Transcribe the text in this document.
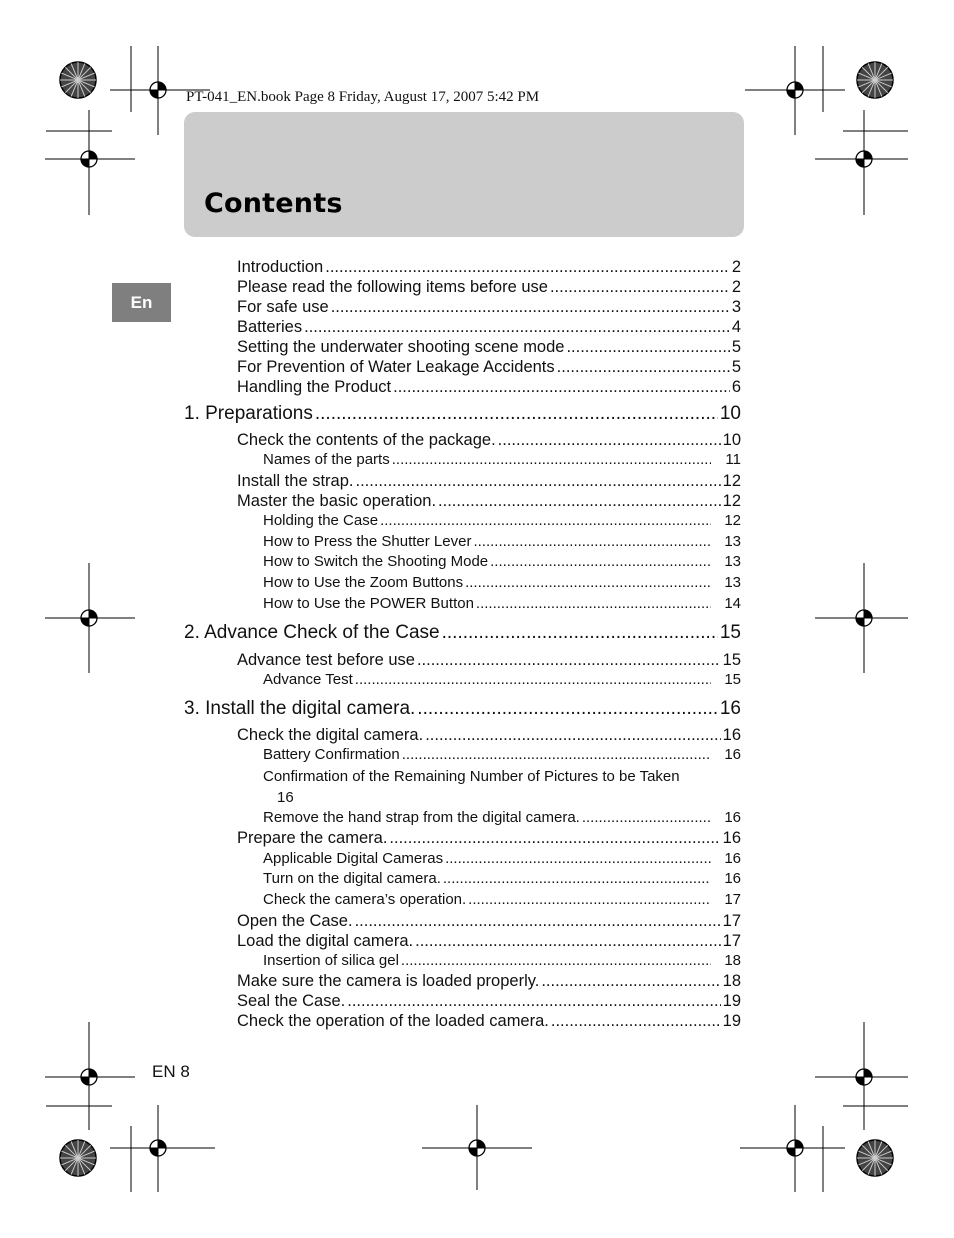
PT-041_EN.book Page 8 Friday, August 17, 2007 5:42 PM
Contents
En
Introduction .....	2
Please read the following items before use .....	2
For safe use .....	3
Batteries .....	4
Setting the underwater shooting scene mode .....	5
For Prevention of Water Leakage Accidents .....	5
Handling the Product .....	6
1. Preparations .....	10
Check the contents of the package. .....	10
Names of the parts .....	11
Install the strap. .....	12
Master the basic operation. .....	12
Holding the Case .....	12
How to Press the Shutter Lever .....	13
How to Switch the Shooting Mode .....	13
How to Use the Zoom Buttons .....	13
How to Use the POWER Button .....	14
2. Advance Check of the Case .....	15
Advance test before use .....	15
Advance Test .....	15
3. Install the digital camera. .....	16
Check the digital camera. .....	16
Battery Confirmation .....	16
Confirmation of the Remaining Number of Pictures to be Taken
16
Remove the hand strap from the digital camera. .....	16
Prepare the camera. .....	16
Applicable Digital Cameras .....	16
Turn on the digital camera. .....	16
Check the camera’s operation. .....	17
Open the Case. .....	17
Load the digital camera. .....	17
Insertion of silica gel .....	18
Make sure the camera is loaded properly. .....	18
Seal the Case. .....	19
Check the operation of the loaded camera. .....	19
EN 8
